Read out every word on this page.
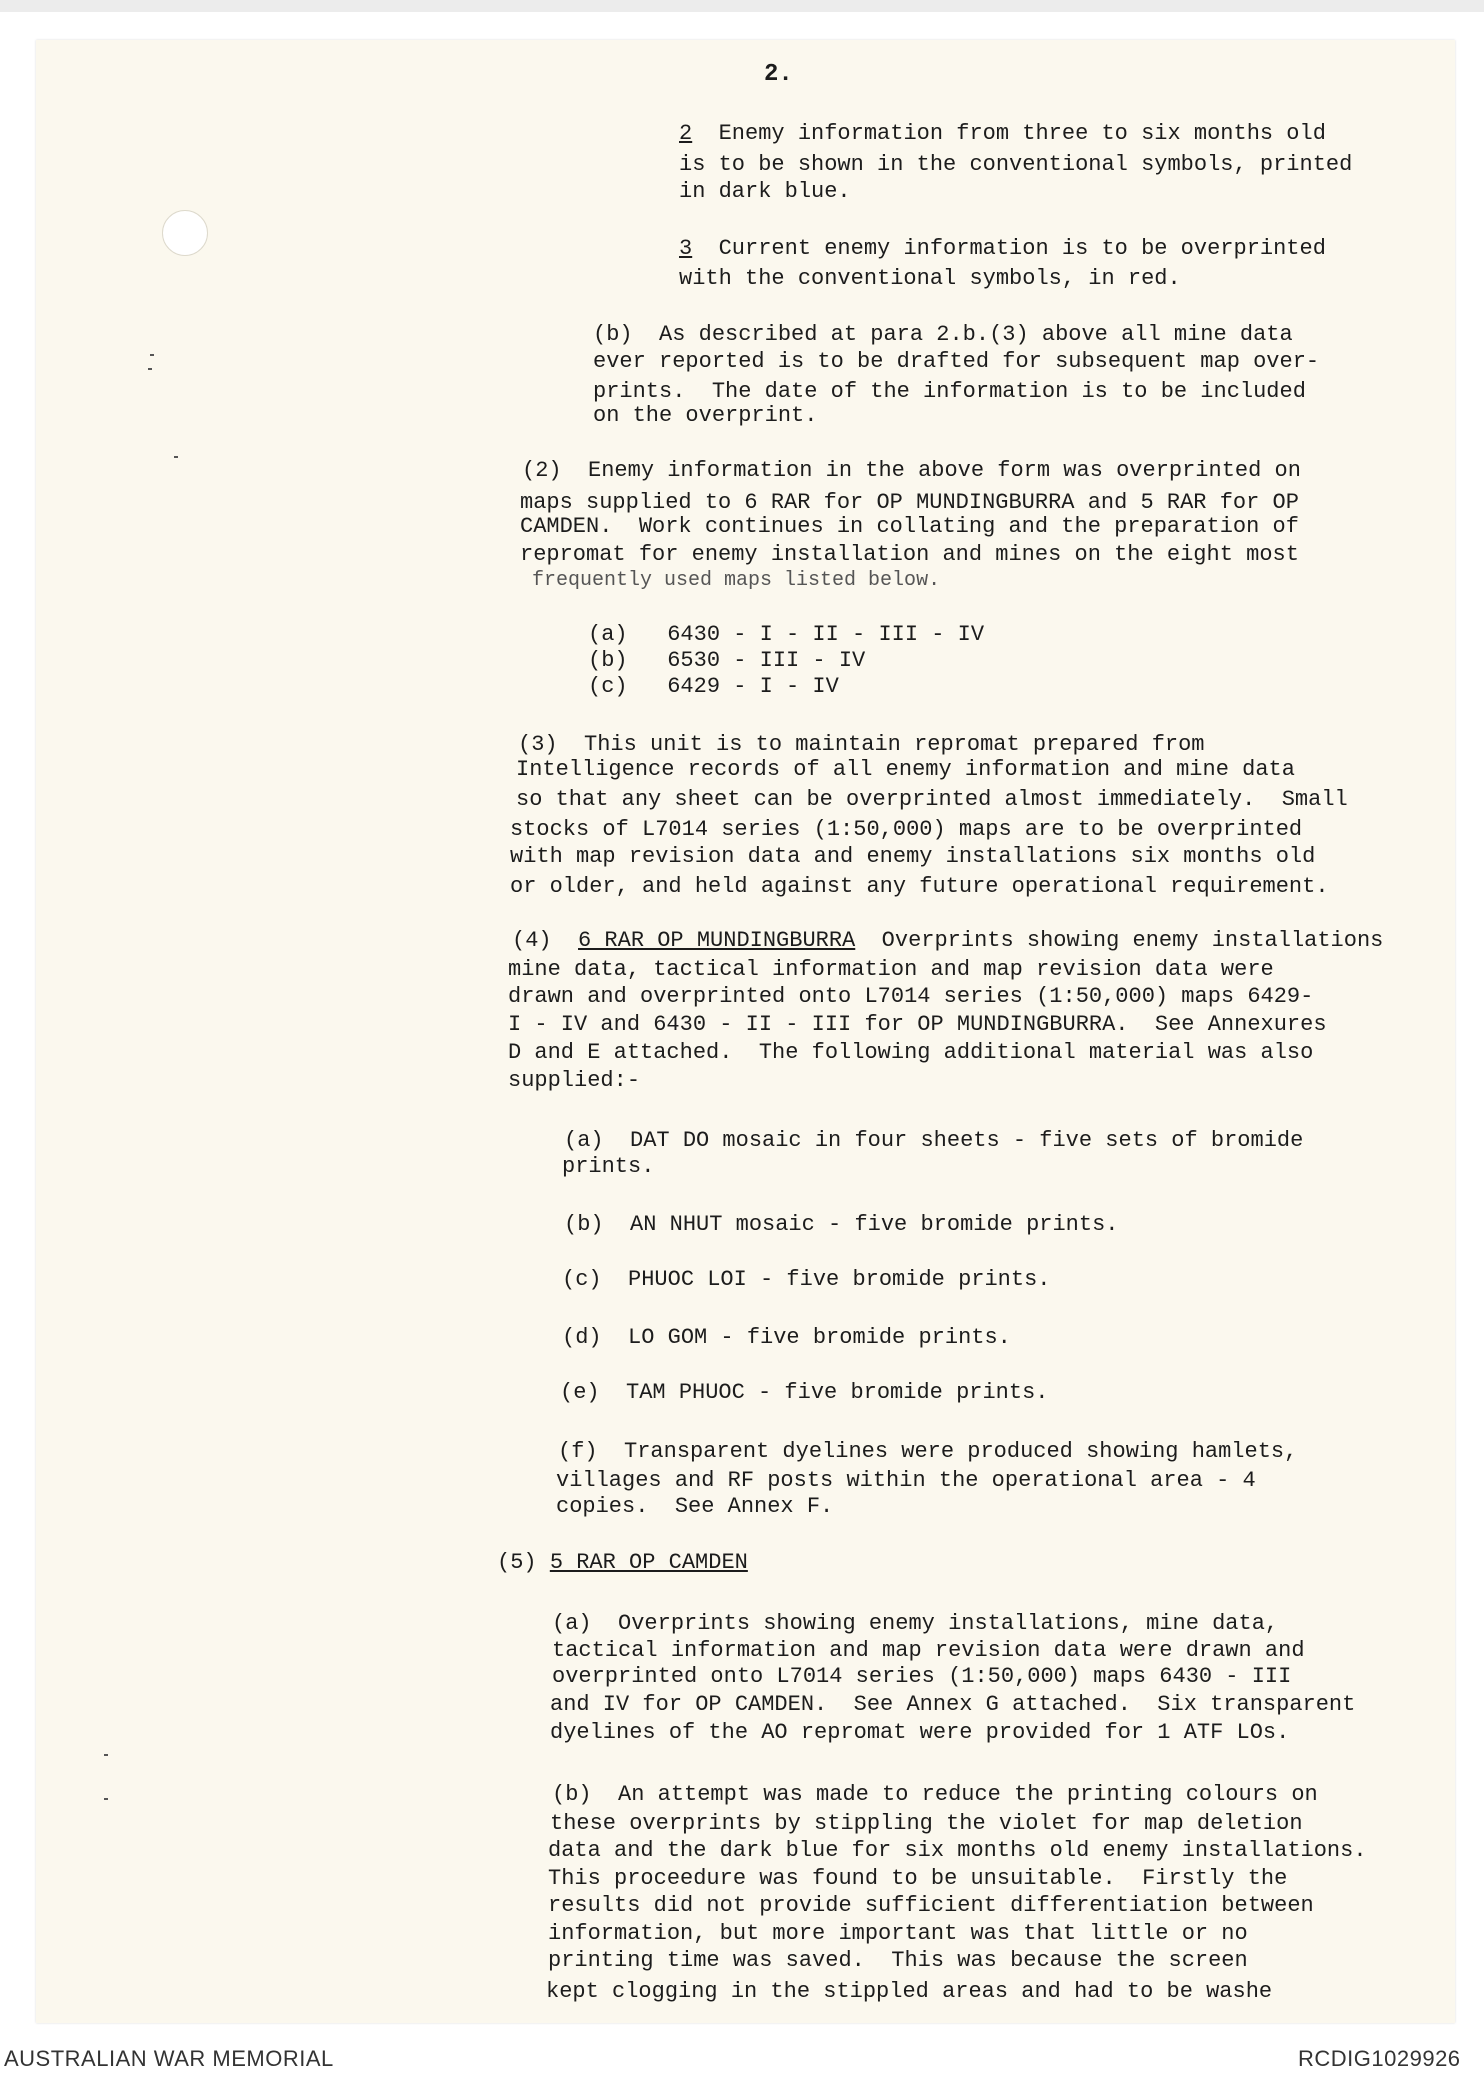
2.
2 Enemy information from three to six months old
is to be shown in the conventional symbols, printed
in dark blue.
3 Current enemy information is to be overprinted
with the conventional symbols, in red.
(b)  As described at para 2.b.(3) above all mine data
ever reported is to be drafted for subsequent map over-
prints.  The date of the information is to be included
on the overprint.
(2)  Enemy information in the above form was overprinted on
maps supplied to 6 RAR for OP MUNDINGBURRA and 5 RAR for OP
CAMDEN.  Work continues in collating and the preparation of
repromat for enemy installation and mines on the eight most
frequently used maps listed below.
(a)   6430 - I - II - III - IV
(b)   6530 - III - IV
(c)   6429 - I - IV
(3)  This unit is to maintain repromat prepared from
Intelligence records of all enemy information and mine data
so that any sheet can be overprinted almost immediately.  Small
stocks of L7014 series (1:50,000) maps are to be overprinted
with map revision data and enemy installations six months old
or older, and held against any future operational requirement.
(4) 6 RAR OP MUNDINGBURRA Overprints showing enemy installations
mine data, tactical information and map revision data were
drawn and overprinted onto L7014 series (1:50,000) maps 6429-
I - IV and 6430 - II - III for OP MUNDINGBURRA.  See Annexures
D and E attached.  The following additional material was also
supplied:-
(a)  DAT DO mosaic in four sheets - five sets of bromide
prints.
(b)  AN NHUT mosaic - five bromide prints.
(c)  PHUOC LOI - five bromide prints.
(d)  LO GOM - five bromide prints.
(e)  TAM PHUOC - five bromide prints.
(f)  Transparent dyelines were produced showing hamlets,
villages and RF posts within the operational area - 4
copies.  See Annex F.
(5) 5 RAR OP CAMDEN
(a)  Overprints showing enemy installations, mine data,
tactical information and map revision data were drawn and
overprinted onto L7014 series (1:50,000) maps 6430 - III
and IV for OP CAMDEN.  See Annex G attached.  Six transparent
dyelines of the AO repromat were provided for 1 ATF LOs.
(b)  An attempt was made to reduce the printing colours on
these overprints by stippling the violet for map deletion
data and the dark blue for six months old enemy installations.
This proceedure was found to be unsuitable.  Firstly the
results did not provide sufficient differentiation between
information, but more important was that little or no
printing time was saved.  This was because the screen
kept clogging in the stippled areas and had to be washe
AUSTRALIAN WAR MEMORIAL	RCDIG1029926
